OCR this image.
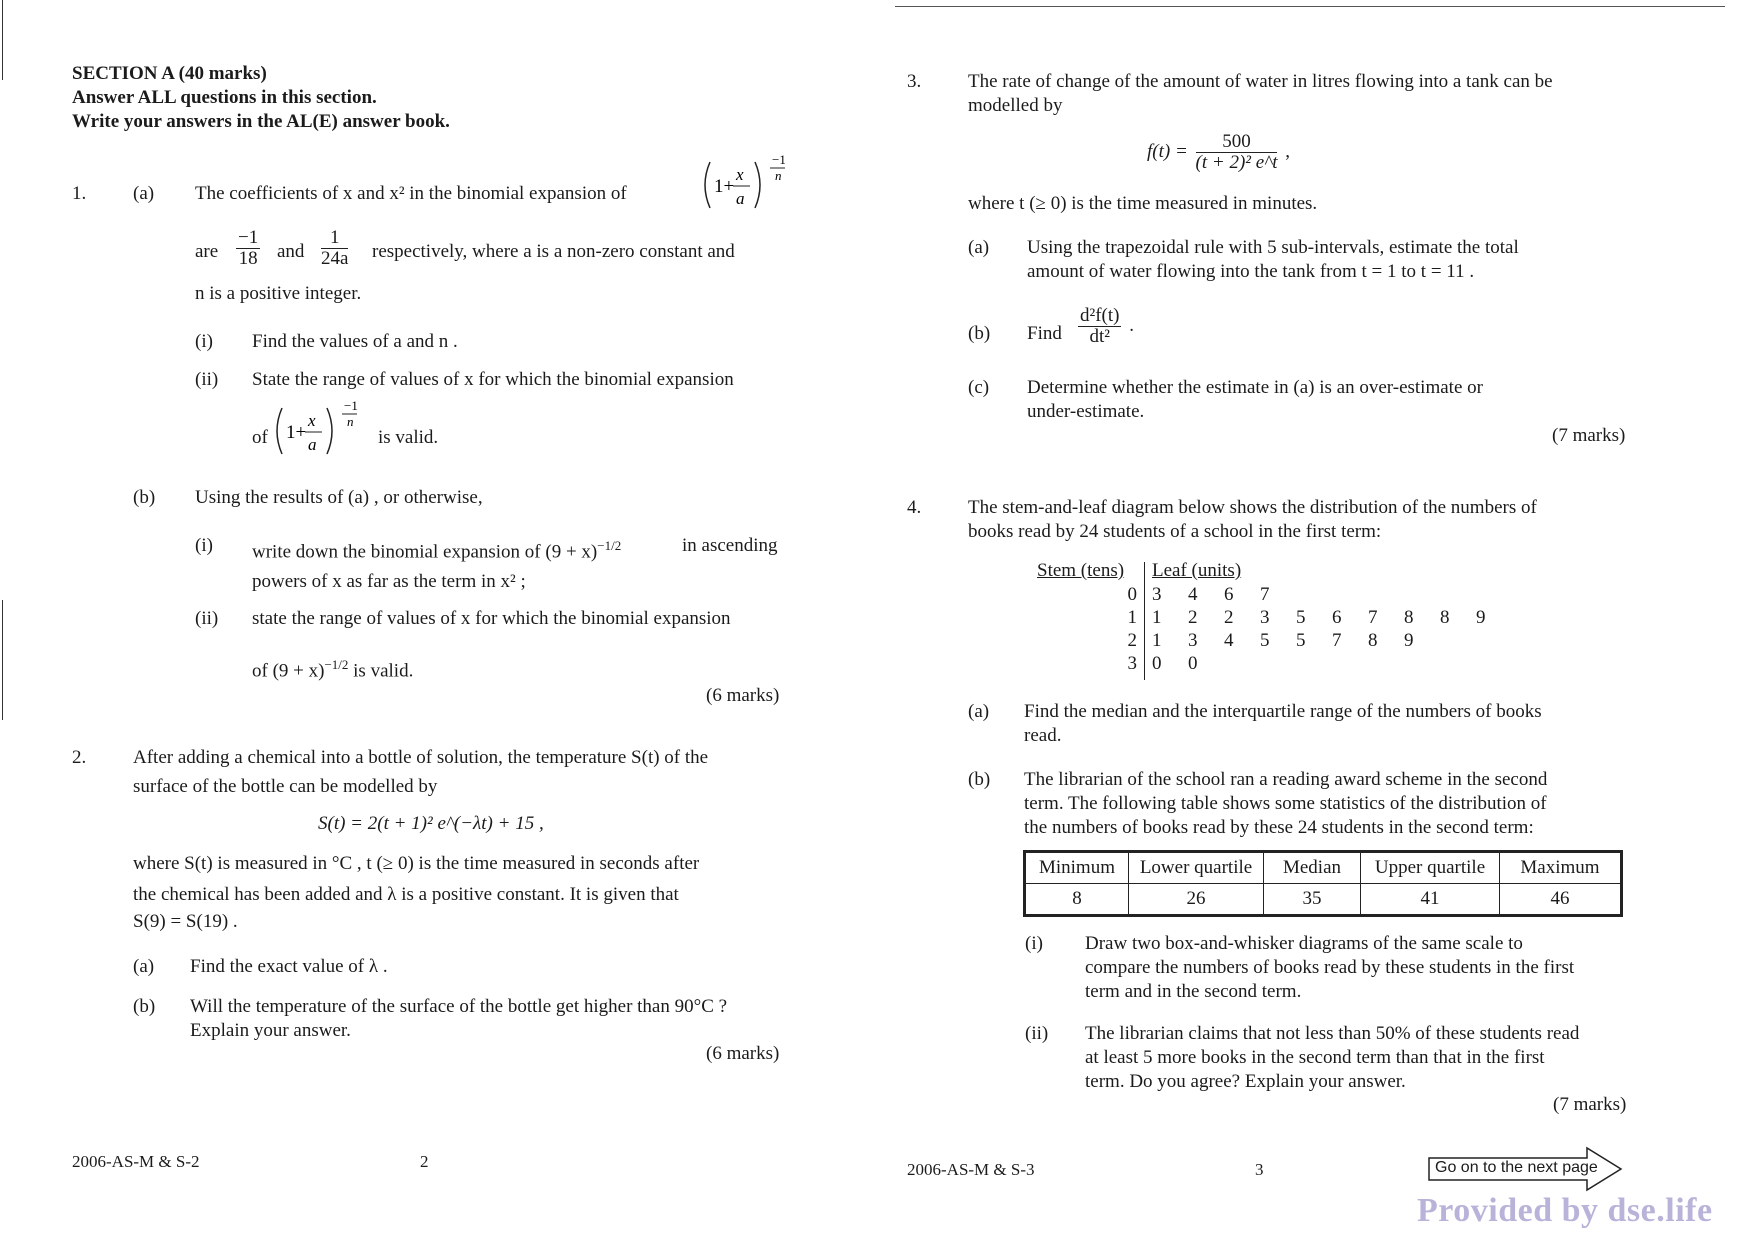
SECTION A (40 marks)
Answer ALL questions in this section.
Write your answers in the AL(E) answer book.
1. (a) The coefficients of x and x² in the binomial expansion of	1+
x
a
−1
n
are $\frac{-1}{18}$ and $\frac{1}{24a}$ respectively, where a is a non-zero constant and
n is a positive integer.
(i) Find the values of a and n .
(ii) State the range of values of x for which the binomial expansion
of 1+
x
a
−1
n
is valid.
(b) Using the results of (a) , or otherwise,
(i) write down the binomial expansion of $(9 + x)^{-1/2}$	in ascending
powers of x as far as the term in x² ;
(ii) state the range of values of x for which the binomial expansion
of $(9 + x)^{-1/2}$ is valid.
(6 marks)
2. After adding a chemical into a bottle of solution, the temperature S(t) of the
surface of the bottle can be modelled by
S(t) = 2(t + 1)² e^(−λt) + 15 ,
where S(t) is measured in °C , t (≥ 0) is the time measured in seconds after
the chemical has been added and λ is a positive constant. It is given that
S(9) = S(19) .
(a) Find the exact value of λ .
(b) Will the temperature of the surface of the bottle get higher than 90°C ?
Explain your answer.
(6 marks)
2006-AS-M & S-2	2
3. The rate of change of the amount of water in litres flowing into a tank can be
modelled by
$f(t) = \frac{500}{\text{(t + 2)² e\textasciicircum{}t}}$ ,
where t (≥ 0) is the time measured in minutes.
(a) Using the trapezoidal rule with 5 sub-intervals, estimate the total
amount of water flowing into the tank from t = 1 to t = 11 .
(b) Find $\frac{\text{d²f(t)}}{\text{dt²}}$ .
(c) Determine whether the estimate in (a) is an over-estimate or
under-estimate.
(7 marks)
4. The stem-and-leaf diagram below shows the distribution of the numbers of
books read by 24 students of a school in the first term:
Stem (tens)	Leaf (units)
0 3 4 6 7
1 1 2 2 3 5 6 7 8 8 9
2 1 3 4 5 5 7 8 9
3 0 0
(a) Find the median and the interquartile range of the numbers of books
read.
(b) The librarian of the school ran a reading award scheme in the second
term. The following table shows some statistics of the distribution of
the numbers of books read by these 24 students in the second term:
Minimum	Lower quartile	Median	Upper quartile	Maximum
8	26	35	41	46
(i) Draw two box-and-whisker diagrams of the same scale to
compare the numbers of books read by these students in the first
term and in the second term.
(ii) The librarian claims that not less than 50% of these students read
at least 5 more books in the second term than that in the first
term. Do you agree? Explain your answer.
(7 marks)
2006-AS-M & S-3	3	Go on to the next page
Provided by dse.life
